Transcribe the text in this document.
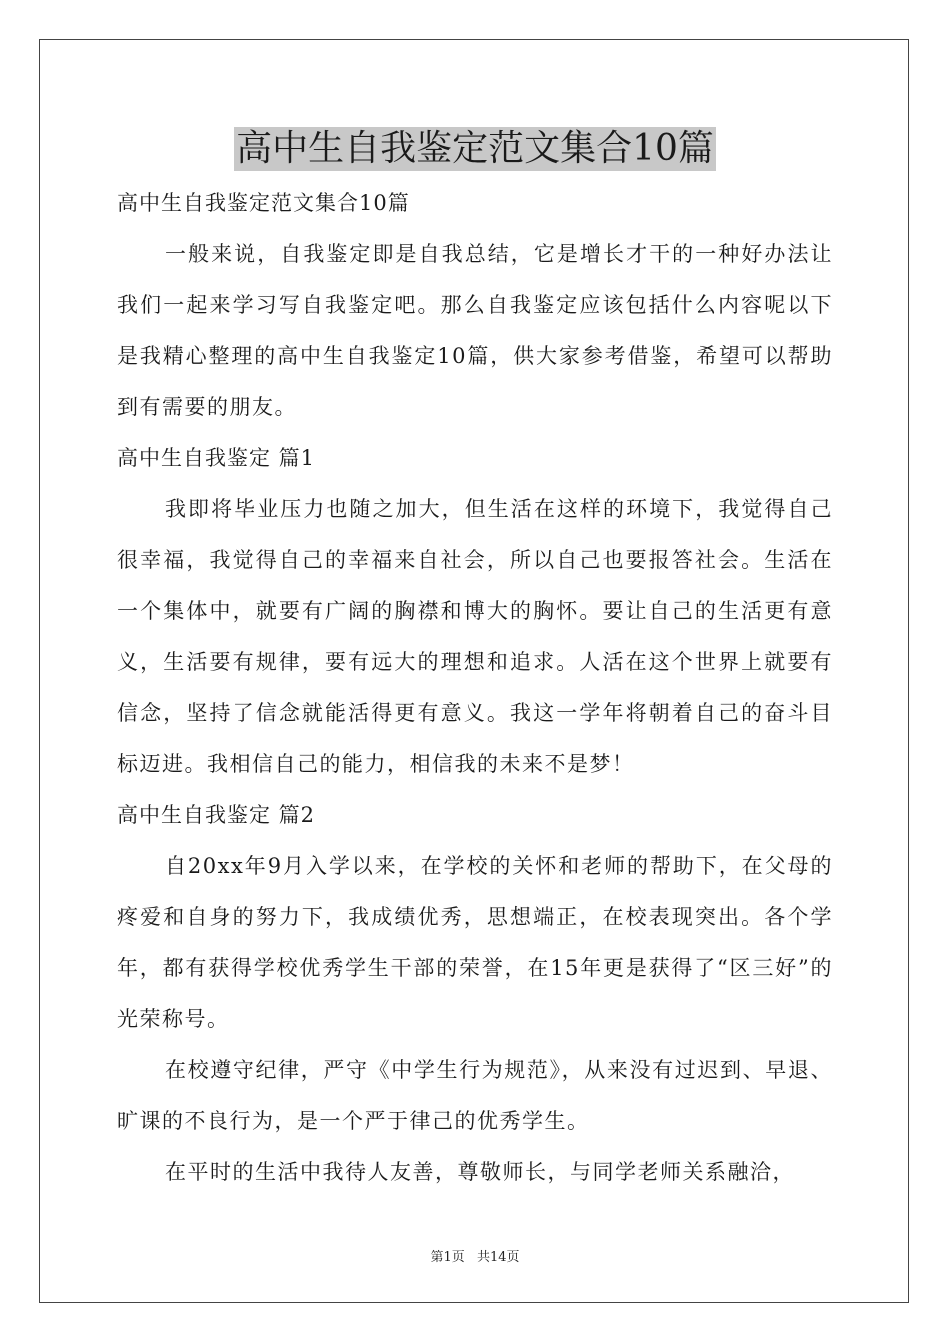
高中生自我鉴定范文集合10篇
高中生自我鉴定范文集合10篇
一般来说，自我鉴定即是自我总结，它是增长才干的一种好办法让我们一起来学习写自我鉴定吧。那么自我鉴定应该包括什么内容呢以下是我精心整理的高中生自我鉴定10篇，供大家参考借鉴，希望可以帮助到有需要的朋友。
高中生自我鉴定 篇1
我即将毕业压力也随之加大，但生活在这样的环境下，我觉得自己很幸福，我觉得自己的幸福来自社会，所以自己也要报答社会。生活在一个集体中，就要有广阔的胸襟和博大的胸怀。要让自己的生活更有意义，生活要有规律，要有远大的理想和追求。人活在这个世界上就要有信念，坚持了信念就能活得更有意义。我这一学年将朝着自己的奋斗目标迈进。我相信自己的能力，相信我的未来不是梦！
高中生自我鉴定 篇2
自20xx年9月入学以来，在学校的关怀和老师的帮助下，在父母的疼爱和自身的努力下，我成绩优秀，思想端正，在校表现突出。各个学年，都有获得学校优秀学生干部的荣誉，在15年更是获得了“区三好”的光荣称号。
在校遵守纪律，严守《中学生行为规范》，从来没有过迟到、早退、旷课的不良行为，是一个严于律己的优秀学生。
在平时的生活中我待人友善，尊敬师长，与同学老师关系融洽，
第1页 共14页
